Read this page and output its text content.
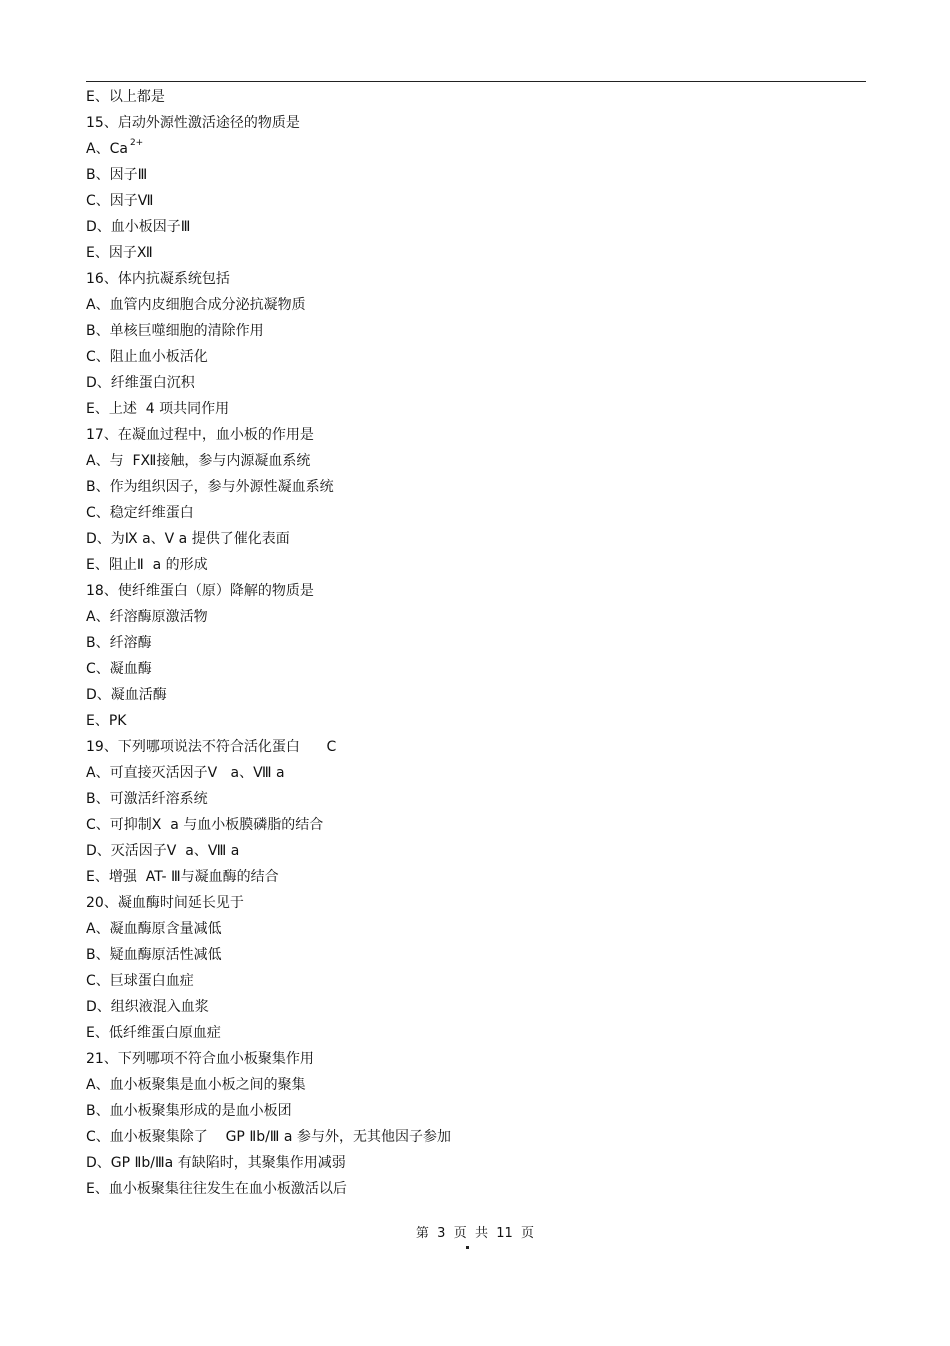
E、以上都是
15、启动外源性激活途径的物质是
A、Ca $^{2+}$
B、因子Ⅲ
C、因子Ⅶ
D、血小板因子Ⅲ
E、因子Ⅻ
16、体内抗凝系统包括
A、血管内皮细胞合成分泌抗凝物质
B、单核巨噬细胞的清除作用
C、阻止血小板活化
D、纤维蛋白沉积
E、上述  4 项共同作用
17、在凝血过程中，血小板的作用是
A、与  FⅫ接触，参与内源凝血系统
B、作为组织因子，参与外源性凝血系统
C、稳定纤维蛋白
D、为Ⅸ a、Ⅴ a 提供了催化表面
E、阻止Ⅱ  a 的形成
18、使纤维蛋白（原）降解的物质是
A、纤溶酶原激活物
B、纤溶酶
C、凝血酶
D、凝血活酶
E、PK
19、下列哪项说法不符合活化蛋白      C
A、可直接灭活因子Ⅴ   a、Ⅷ a
B、可激活纤溶系统
C、可抑制Ⅹ  a 与血小板膜磷脂的结合
D、灭活因子Ⅴ  a、Ⅷ a
E、增强  AT- Ⅲ与凝血酶的结合
20、凝血酶时间延长见于
A、凝血酶原含量减低
B、疑血酶原活性减低
C、巨球蛋白血症
D、组织液混入血浆
E、低纤维蛋白原血症
21、下列哪项不符合血小板聚集作用
A、血小板聚集是血小板之间的聚集
B、血小板聚集形成的是血小板团
C、血小板聚集除了    GP Ⅱb/Ⅲ a 参与外，无其他因子参加
D、GP Ⅱb/Ⅲa 有缺陷时，其聚集作用减弱
E、血小板聚集往往发生在血小板激活以后
第  3  页  共  11  页
